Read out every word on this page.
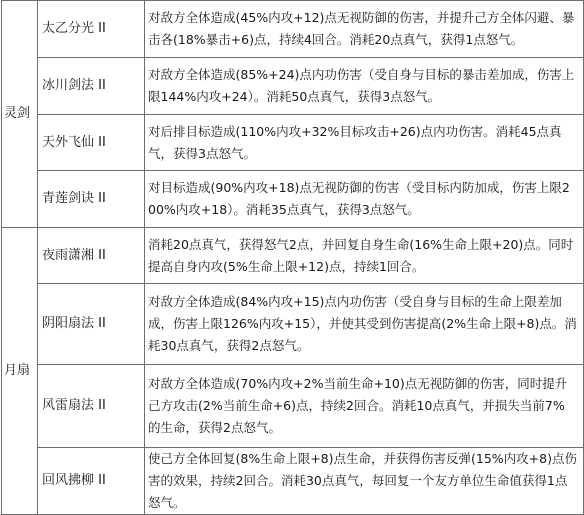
灵剑	太乙分光 II	对敌方全体造成(45%内攻+12)点无视防御的伤害，并提升己方全体闪避、暴击各(18%暴击+6)点，持续4回合。消耗20点真气，获得1点怒气。
	冰川剑法 II	对敌方全体造成(85%+24)点内功伤害（受自身与目标的暴击差加成，伤害上限144%内攻+24）。消耗50点真气，获得3点怒气。
	天外飞仙 II	对后排目标造成(110%内攻+32%目标攻击+26)点内功伤害。消耗45点真气，获得3点怒气。
	青莲剑诀 II	对目标造成(90%内攻+18)点无视防御的伤害（受目标内防加成，伤害上限200%内攻+18）。消耗35点真气，获得3点怒气。
月扇	夜雨潇湘 II	消耗20点真气，获得怒气2点，并回复自身生命(16%生命上限+20)点。同时提高自身内攻(5%生命上限+12)点，持续1回合。
	阴阳扇法 II	对敌方全体造成(84%内攻+15)点内功伤害（受自身与目标的生命上限差加成，伤害上限126%内攻+15），并使其受到伤害提高(2%生命上限+8)点。消耗30点真气，获得2点怒气。
	风雷扇法 II	对敌方全体造成(70%内攻+2%当前生命+10)点无视防御的伤害，同时提升己方攻击(2%当前生命+6)点，持续2回合。消耗10点真气，并损失当前7%的生命，获得2点怒气。
	回风拂柳 II	使己方全体回复(8%生命上限+8)点生命，并获得伤害反弹(15%内攻+8)点伤害的效果，持续2回合。消耗30点真气，每回复一个友方单位生命值获得1点怒气。
